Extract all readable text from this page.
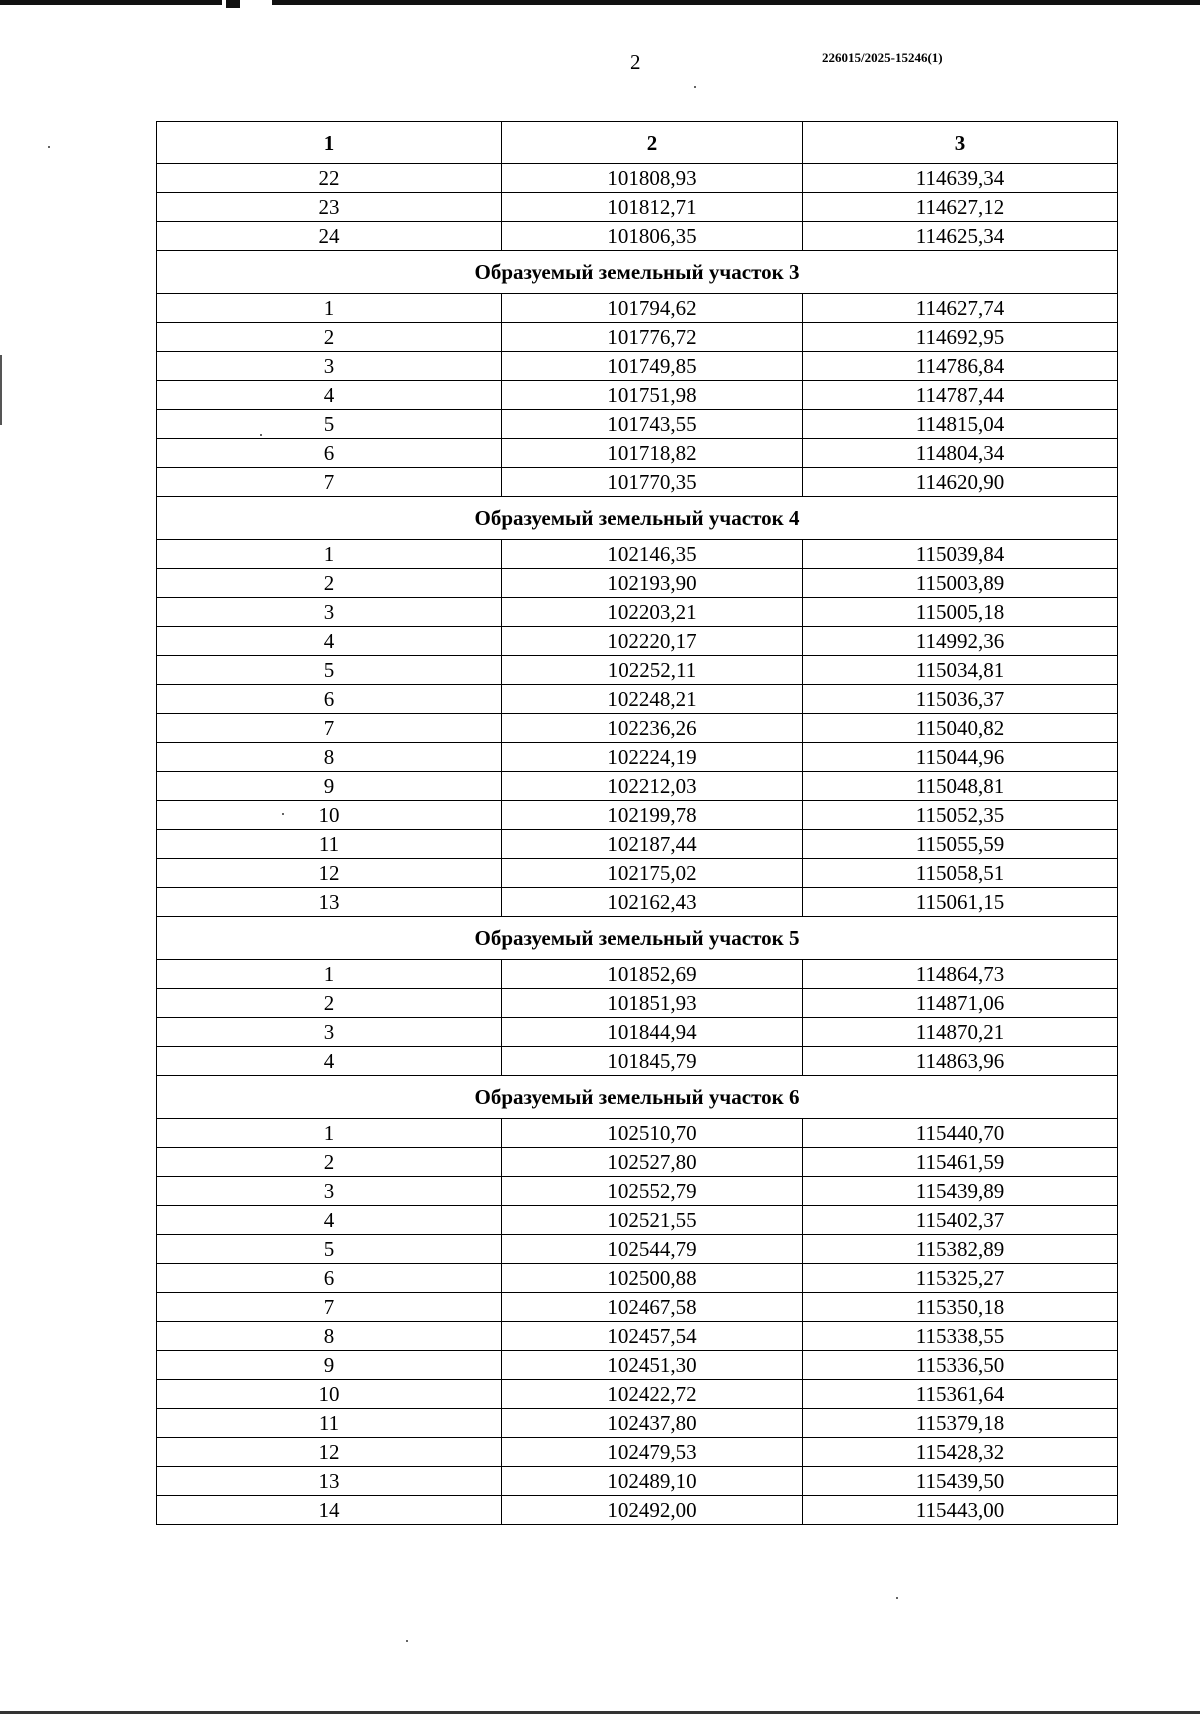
2	226015/2025-15246(1)
1	2	3
22	101808,93	114639,34
23	101812,71	114627,12
24	101806,35	114625,34
Образуемый земельный участок 3		
1	101794,62	114627,74
2	101776,72	114692,95
3	101749,85	114786,84
4	101751,98	114787,44
5	101743,55	114815,04
6	101718,82	114804,34
7	101770,35	114620,90
Образуемый земельный участок 4		
1	102146,35	115039,84
2	102193,90	115003,89
3	102203,21	115005,18
4	102220,17	114992,36
5	102252,11	115034,81
6	102248,21	115036,37
7	102236,26	115040,82
8	102224,19	115044,96
9	102212,03	115048,81
10	102199,78	115052,35
11	102187,44	115055,59
12	102175,02	115058,51
13	102162,43	115061,15
Образуемый земельный участок 5		
1	101852,69	114864,73
2	101851,93	114871,06
3	101844,94	114870,21
4	101845,79	114863,96
Образуемый земельный участок 6		
1	102510,70	115440,70
2	102527,80	115461,59
3	102552,79	115439,89
4	102521,55	115402,37
5	102544,79	115382,89
6	102500,88	115325,27
7	102467,58	115350,18
8	102457,54	115338,55
9	102451,30	115336,50
10	102422,72	115361,64
11	102437,80	115379,18
12	102479,53	115428,32
13	102489,10	115439,50
14	102492,00	115443,00
